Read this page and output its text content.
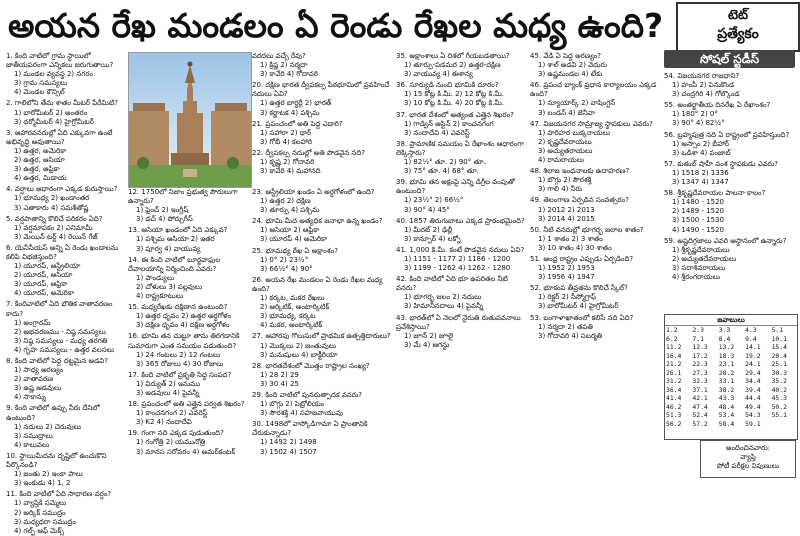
అయన రేఖ మండలం ఏ రెండు రేఖల మధ్య ఉంది?	టెట్
ప్రత్యేకం
సోషల్ స్టడీస్
1. కింది వాటిలో గ్రామ స్థాయిలో జాతీయపరంగా ఎన్నికలు జరుగుతాయి?
1) మండల వ్యవస్థ 2) నగరం
3) గ్రామ సమస్యలు
4) మెండల కౌన్సిల్
2. గాలిలోని తేమ శాతం మీటర్ పేరేమిటి?
1) బారోమీటర్ 2) అంతరం
3) థర్మోమీటర్ 4) హైగ్రోమీటర్
3. ఆహారవనరుల్లో ఏది ఎక్కువగా ఉంటే అభివృద్ధి అవుతాయి?
1) ఉత్తర, అమెరికా
2) ఉత్తర, ఆసియా
3) ఉత్తర, ఆఫ్రికా
4) ఉత్తర, మిడాయ
4. వర్షాలు ఆధారంగా ఎక్కడ కురుస్తాయి?
1) భూమధ్య 2) ఖండాంతర
3) ఎతాకారు 4) సమశీతోష్ణ
5. వర్షపాతాన్ని కొలిచే పరికరం ఏది?
1) వర్షమాపకం 2) ఎనిమామీ
3) మెయిన్ టర్ట్ 4) రెయిన్ గేజ్
6. యెనీసీయస్ అన్ని ఏ రెండు ఖండాలను కలిపి విభజిస్తుంది?
1) యూరప్, ఆస్ట్రేలియా
2) యూరప్, ఆసియా
3) యూరప్, ఆఫ్రికా
4) యూరప్, అమెరికా
7. కిందివాటిలో ఏది భౌతిక వాతావరణం కాదు?
1) అంగ్రారమ్
2) అభవరణము - నిష్ఠ సమస్యలు
3) నిష్ఠ సమస్యలు - మధ్య తరగతి
4) గృహ సమస్యలు - ఉత్తర వలసలు
8. కింది వాటిలో పెద్ద దట్టమైన అడవి?
1) సాధ్య అరణ్యం
2) వాతావరణ
3) ఉష్ణ అడవులు
4) సాకాన్ను
9. కింది వాటిలో ఉప్పు నీరు దేనిలో ఉంటుంది?
1) నదులు 2) చెరువులు
3) సముద్రాలు
4) కాలువలు
10. స్థాయిమీదను దృష్టిలో ఉంచుకొని పేర్కొనండి?
1) జంతు 2) ఇంకా పాలు
3) ఇంకుడు 4) 1, 2
11. కింది వాటిలో ఏది సాధారణ వర్షం?
1) వ్యాప్తికి సమ్మెలు
2) అర్కిక్ సముద్రం
3) మధ్యధరా సముద్రం
4) గల్ఫ్ ఆఫ్ మెక్స్
వరదలు వచ్చే రేవు?
1) క్రిష్ణ 2) నర్మదా
3) కావేరి 4) గోదావరి
20. దక్షిణ భారత ద్వీపకల్ప పీఠభూమిలో ప్రవహించే నదులు ఏవి?
1) ఉత్తర బార్డర్లీ 2) భారత్
3) కర్ణాటక 4) పశ్చిమ
21. ప్రపంచంలో అతి పెద్ద ఎడారి?
1) సహారా 2) థార్
3) గోబీ 4) కలహారి
22. ద్వీపకల్ప నదుల్లో అతి పొడవైన నది?
1) కృష్ణ 2) గోదావరి
3) కావేరి 4) మహానది
12. 1750లో నిజాం ప్రభుత్వ పౌరులుగా ఉన్నారు?
1) ఫ్రెంచ్ 2) ఇంగ్లీష్
3) డచ్ 4) పోర్చుగీస్
13. ఆసియా ఖండంలో ఏది ఎక్కువ?
1) పశ్చిమ ఆసియా 2) ఇతర
3) పూర్వ 4) వాయువ్య
14. ఈ కింది వాటిలో బూర్జవాఫుల దేవాలయాన్ని నిర్మించింది ఎవరు?
1) పాండ్యులు
2) చోళులు 3) పల్లవులు
4) రాష్ట్రకూటులు
15. మధ్యరేఖకు దక్షిణాన ఉంటుంది?
1) ఉత్తర ధృవం 2) ఉత్తర అర్ధగోళం
3) దక్షిణ ధృవం 4) దక్షిణ అర్ధగోళం
16. భూమి తన చుట్టూ తాను తిరగడానికి సుమారుగా ఎంత సమయం పడుతుంది?
1) 24 గంటలు 2) 12 గంటలు
3) 365 రోజులు 4) 30 రోజులు
17. కింది వాటిలో ప్రకృతి సిద్ధ సంపద?
1) విద్యుత్ 2) ఇనుము
3) అడవులు 4) పైవన్నీ
18. ప్రపంచంలో అతి ఎత్తైన పర్వత శిఖరం?
1) కాంచనగంగ 2) ఎవరెస్ట్
3) K2 4) నందాదేవి
19. గంగా నది ఎక్కడ పుడుతుంది?
1) గంగోత్రి 2) యమునోత్రి
3) మానస సరోవరం 4) అమర్‌కంటక్
23. ఆస్ట్రేలియా ఖండం ఏ అర్ధగోళంలో ఉంది?
1) ఉత్తర 2) దక్షిణ
3) తూర్పు 4) పశ్చిమ
24. భూమి మీద అత్యధిక జనాభా ఉన్న ఖండం?
1) ఆసియా 2) ఆఫ్రికా
3) యూరప్ 4) అమెరికా
25. భూమధ్య రేఖ ఏ అక్షాంశం?
1) 0° 2) 23½°
3) 66½° 4) 90°
26. అయన రేఖ మండలం ఏ రెండు రేఖల మధ్య ఉంది?
1) కర్కట, మకర రేఖలు
2) ఆర్కిటిక్, అంటార్కిటిక్
3) భూమధ్య, కర్కట
4) మకర, అంటార్కిటిక్
27. ఆహారపు గొలుసులో ప్రాథమిక ఉత్పత్తిదారులు?
1) మొక్కలు 2) జంతువులు
3) మనుషులు 4) బాక్టీరియా
28. భారతదేశంలో మొత్తం రాష్ట్రాల సంఖ్య?
1) 28 2) 29
3) 30 4) 25
29. కింది వాటిలో పునరుత్పాదక వనరు?
1) బొగ్గు 2) పెట్రోలియం
3) సౌరశక్తి 4) సహజవాయువు
30. 1498లో వాస్కోడిగామా ఏ ప్రాంతానికి చేరుకున్నాడు?
1) 1492 2) 1498
3) 1502 4) 1507
35. అక్షాంశాలు ఏ దిశలో గీయబడతాయి?
1) తూర్పు-పడమర 2) ఉత్తర-దక్షిణ
3) వాయువ్య 4) ఈశాన్య
36. సూర్యుడి నుంచి భూమికి దూరం?
1) 15 కోట్ల కి.మీ. 2) 12 కోట్ల కి.మీ.
3) 10 కోట్ల కి.మీ. 4) 20 కోట్ల కి.మీ.
37. భారత దేశంలో అత్యంత ఎత్తైన శిఖరం?
1) గాడ్విన్ ఆస్టిన్ 2) కాంచనగంగ
3) నందాదేవి 4) ఎవరెస్ట్
38. ప్రామాణిక సమయం ఏ రేఖాంశం ఆధారంగా లెక్కిస్తారు?
1) 82½° తూ. 2) 90° తూ.
3) 75° తూ. 4) 68° తూ.
39. భూమి తన అక్షంపై ఎన్ని డిగ్రీల వంపుతో ఉంటుంది?
1) 23½° 2) 66½°
3) 90° 4) 45°
40. 1857 తిరుగుబాటు ఎక్కడ ప్రారంభమైంది?
1) మీరట్ 2) ఢిల్లీ
3) కాన్పూర్ 4) లక్నో
41. 1,000 కి.మీ. కంటే పొడవైన నదులు ఏవి?
1) 1151 - 1177 2) 1186 - 1200
3) 1199 - 1262 4) 1262 - 1280
42. కింది వాటిలో ఏది భూ ఉపరితల నీటి వనరు?
1) భూగర్భ జలం 2) నదులు
3) హిమానీనదాలు 4) పైవన్నీ
43. భారత్‌లో ఏ నెలలో నైరుతి రుతుపవనాలు ప్రవేశిస్తాయి?
1) జూన్ 2) జూలై
3) మే 4) ఆగస్టు
45. వేడి ఏ పెద్ద అరణ్యం?
1) శాల్ అడవి 2) వెదురు
3) ఉష్ణమండల 4) టేకు
46. ప్రపంచ బ్యాంక్ ప్రధాన కార్యాలయం ఎక్కడ ఉంది?
1) న్యూయార్క్ 2) వాషింగ్టన్
3) లండన్ 4) జెనీవా
47. విజయనగర సామ్రాజ్య స్థాపకులు ఎవరు?
1) హరిహర బుక్కరాయలు
2) కృష్ణదేవరాయలు
3) అచ్యుతరాయలు
4) రామరాయలు
48. శిలాజ ఇంధనాలకు ఉదాహరణ?
1) బొగ్గు 2) సౌరశక్తి
3) గాలి 4) నీరు
49. తెలంగాణ ఏర్పడిన సంవత్సరం?
1) 2012 2) 2013
3) 2014 4) 2015
50. నీటి వనరుల్లో భూగర్భ జలాల శాతం?
1) 1 శాతం 2) 3 శాతం
3) 10 శాతం 4) 30 శాతం
51. ఆంధ్ర రాష్ట్రం ఎప్పుడు ఏర్పడింది?
1) 1952 2) 1953
3) 1956 4) 1947
52. భూకంప తీవ్రతను కొలిచే స్కేల్?
1) రిక్టర్ 2) సీస్మోగ్రాఫ్
3) బారోమీటర్ 4) హైగ్రోమీటర్
53. బంగాళాఖాతంలో కలిసే నది ఏది?
1) నర్మదా 2) తపతి
3) గోదావరి 4) సబర్మతి
54. విజయనగర రాజధాని?
1) హంపీ 2) పెనుకొండ
3) చంద్రగిరి 4) గోల్కొండ
55. అంతర్జాతీయ దినరేఖ ఏ రేఖాంశం?
1) 180° 2) 0°
3) 90° 4) 82½°
56. బ్రహ్మపుత్ర నది ఏ రాష్ట్రంలో ప్రవహిస్తుంది?
1) అస్సాం 2) బీహార్
3) ఒడిశా 4) పంజాబ్
57. కుతుబ్ షాహీ వంశ స్థాపకుడు ఎవరు?
1) 1518 2) 1336
3) 1347 4) 1347
58. శ్రీకృష్ణదేవరాయల పాలనా కాలం?
1) 1480 - 1520
2) 1489 - 1520
3) 1500 - 1530
4) 1490 - 1520
59. అష్టదిగ్గజాలు ఎవరి ఆస్థానంలో ఉన్నారు?
1) శ్రీకృష్ణదేవరాయలు
2) అచ్యుతదేవరాయలు
3) సదాశివరాయలు
4) శ్రీరంగరాయలు
జవాబులు
1.2	2.3	3.3	4.3	5.1
6.2	7.1	8.4	9.4	10.1
11.2	12.3	13.2	14.1	15.4
16.4	17.2	18.3	19.2	20.4
21.2	22.3	23.1	24.1	25.1
26.1	27.3	28.2	29.4	30.3
31.2	32.3	33.1	34.4	35.2
36.4	37.1	38.2	39.4	40.2
41.4	42.1	43.3	44.4	45.3
46.2	47.4	48.4	49.4	50.2
51.3	52.4	53.4	54.3	55.1
56.2	57.2	58.4	59.1	
అందించినవారు:
వ్యాప్తి
పోటీ పరీక్షల నిపుణులు
